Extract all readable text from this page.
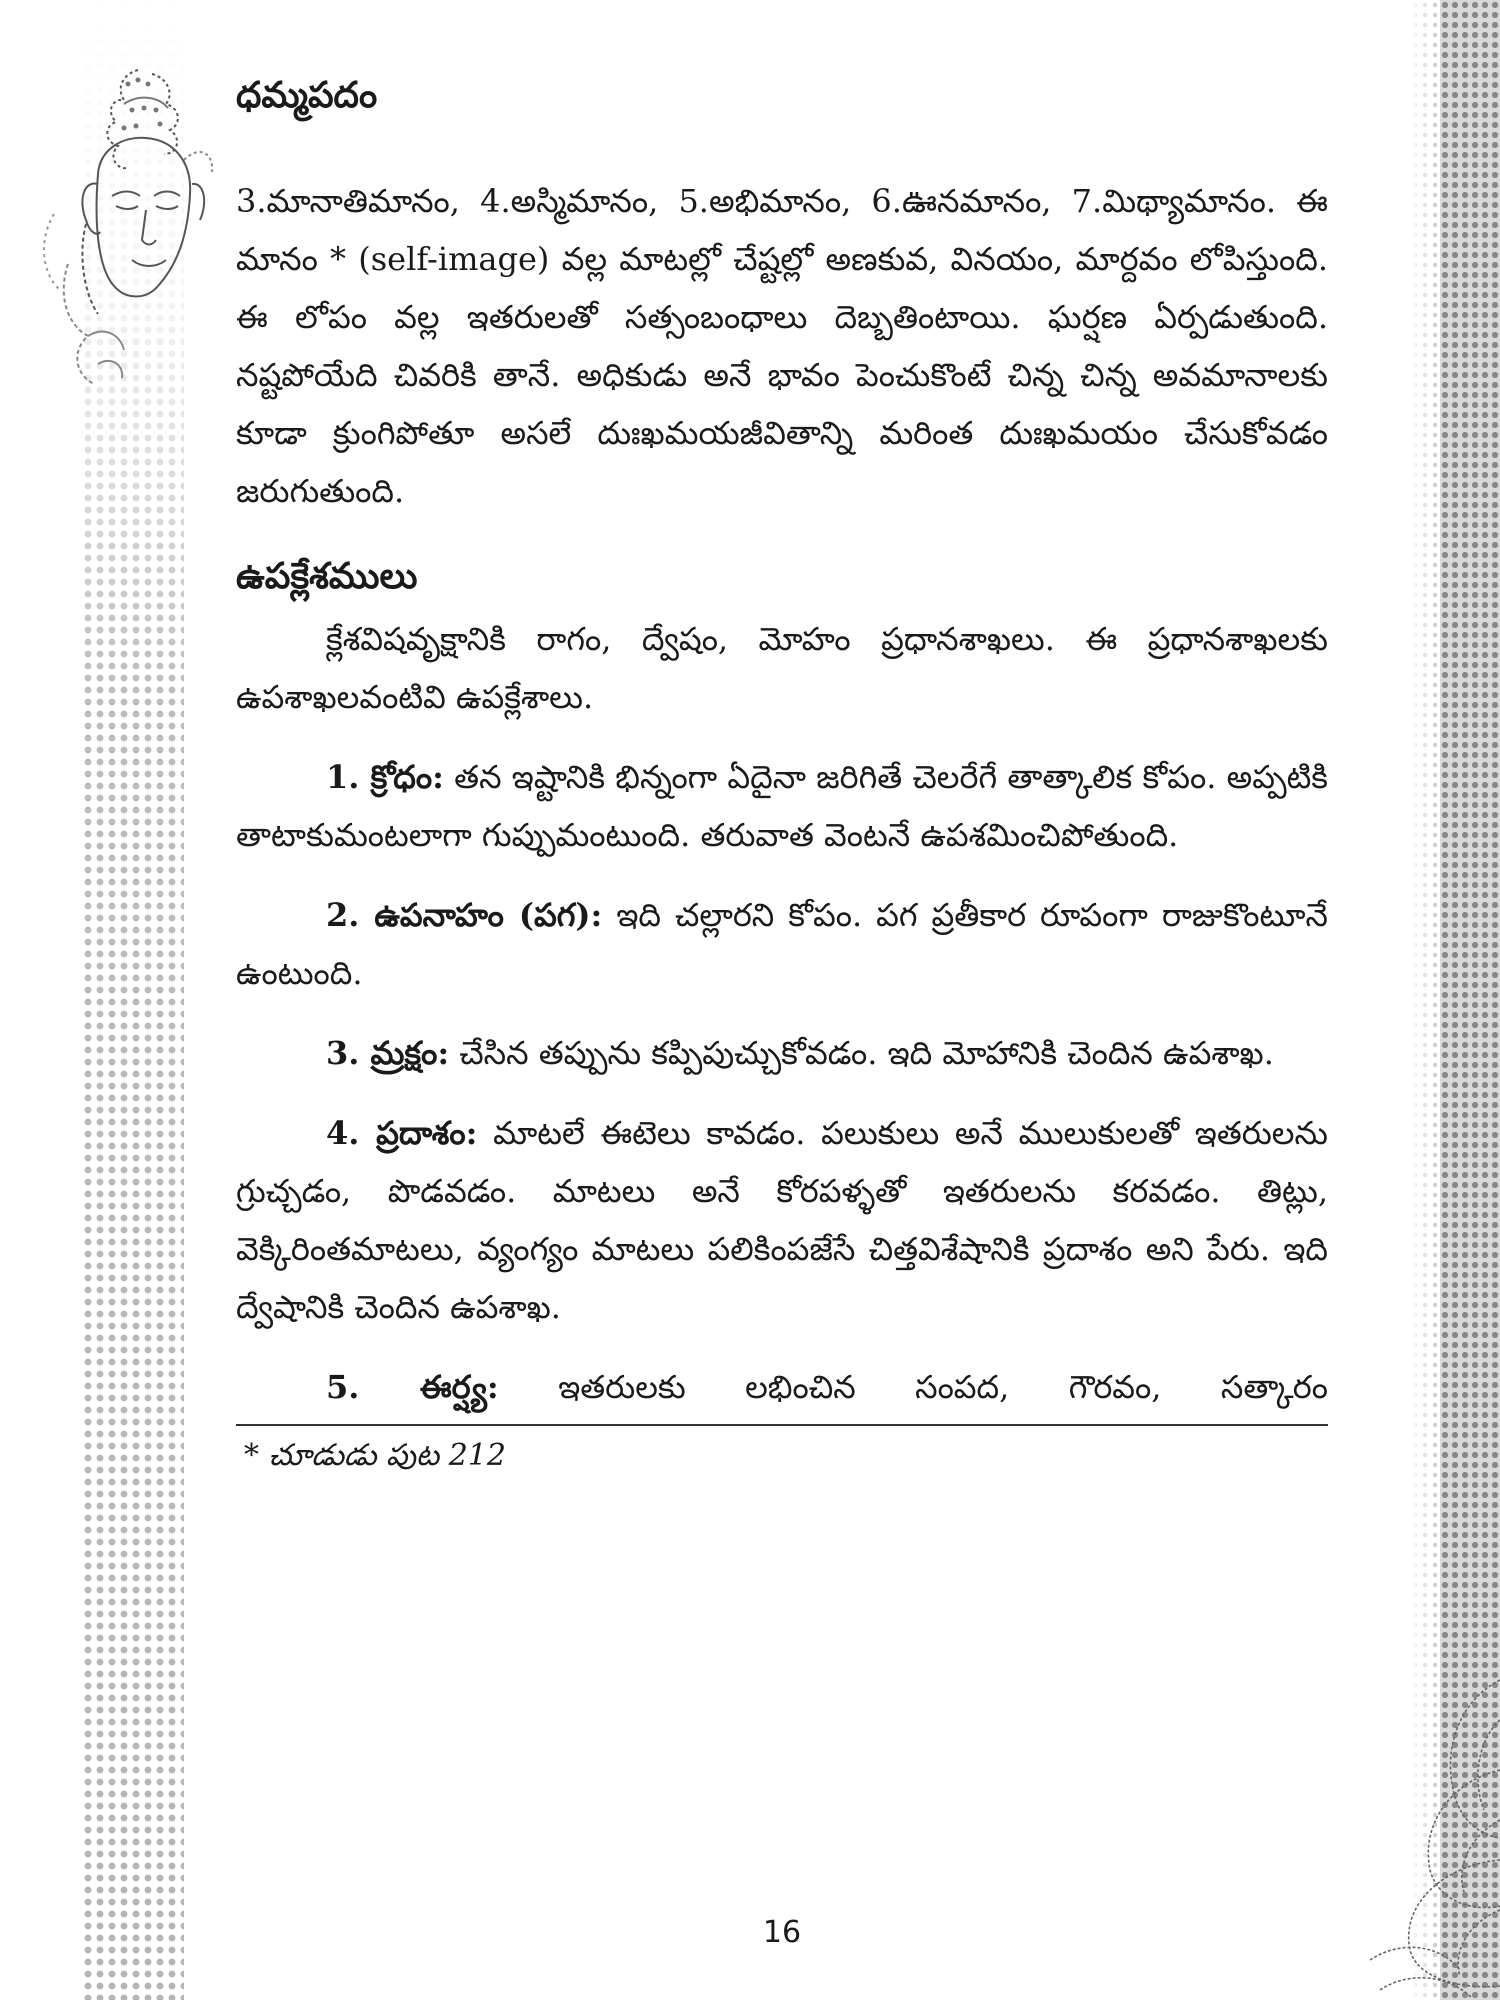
ధమ్మపదం

3.మానాతిమానం, 4.అస్మిమానం, 5.అభిమానం, 6.ఊనమానం, 7.మిథ్యామానం. ఈ మానం * (self-image) వల్ల మాటల్లో చేష్టల్లో అణకువ, వినయం, మార్దవం లోపిస్తుంది. ఈ లోపం వల్ల ఇతరులతో సత్సంబంధాలు దెబ్బతింటాయి. ఘర్షణ ఏర్పడుతుంది. నష్టపోయేది చివరికి తానే. అధికుడు అనే భావం పెంచుకొంటే చిన్న చిన్న అవమానాలకు కూడా క్రుంగిపోతూ అసలే దుఃఖమయజీవితాన్ని మరింత దుఃఖమయం చేసుకోవడం జరుగుతుంది.

ఉపక్లేశములు

క్లేశవిషవృక్షానికి రాగం, ద్వేషం, మోహం ప్రధానశాఖలు. ఈ ప్రధానశాఖలకు ఉపశాఖలవంటివి ఉపక్లేశాలు.

1. క్రోధం: తన ఇష్టానికి భిన్నంగా ఏదైనా జరిగితే చెలరేగే తాత్కాలిక కోపం. అప్పటికి తాటాకుమంటలాగా గుప్పుమంటుంది. తరువాత వెంటనే ఉపశమించిపోతుంది.

2. ఉపనాహం (పగ): ఇది చల్లారని కోపం. పగ ప్రతీకార రూపంగా రాజుకొంటూనే ఉంటుంది.

3. మ్రక్షం: చేసిన తప్పును కప్పిపుచ్చుకోవడం. ఇది మోహానికి చెందిన ఉపశాఖ.

4. ప్రదాశం: మాటలే ఈటెలు కావడం. పలుకులు అనే ములుకులతో ఇతరులను గ్రుచ్చడం, పొడవడం. మాటలు అనే కోరపళ్ళతో ఇతరులను కరవడం. తిట్లు, వెక్కిరింతమాటలు, వ్యంగ్యం మాటలు పలికింపజేసే చిత్తవిశేషానికి ప్రదాశం అని పేరు. ఇది ద్వేషానికి చెందిన ఉపశాఖ.

5. ఈర్ష్య: ఇతరులకు లభించిన సంపద, గౌరవం, సత్కారం

* చూడుడు పుట 212
16
